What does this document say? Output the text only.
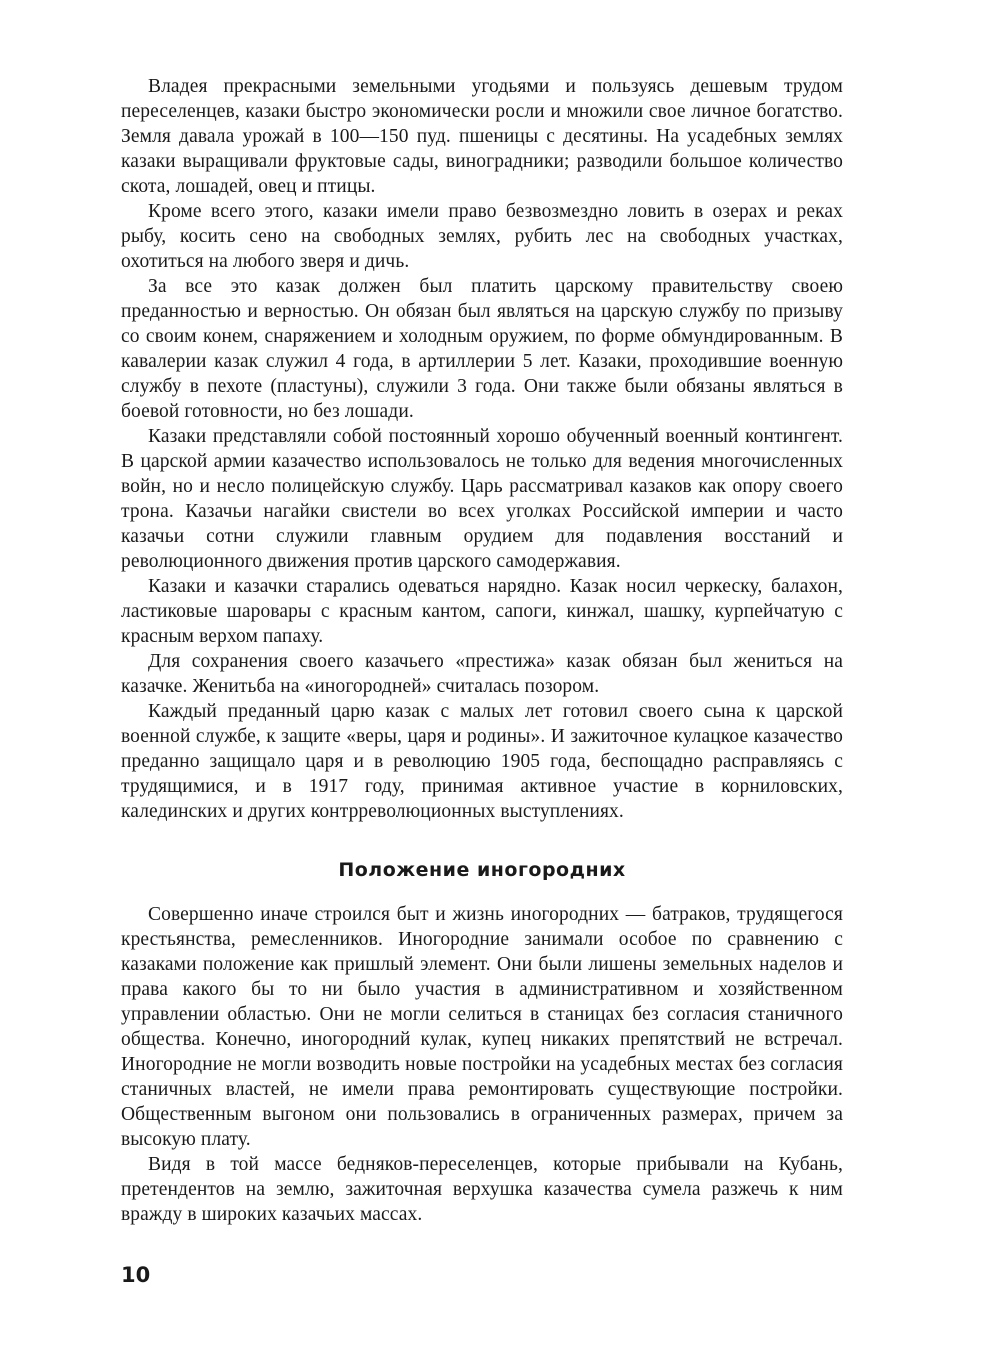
Владея прекрасными земельными угодьями и пользуясь дешевым трудом переселенцев, казаки быстро экономически росли и множили свое личное богатство. Земля давала урожай в 100—150 пуд. пшеницы с десятины. На усадебных землях казаки выращивали фруктовые сады, виноградники; разводили большое количество скота, лошадей, овец и птицы.

Кроме всего этого, казаки имели право безвозмездно ловить в озерах и реках рыбу, косить сено на свободных землях, рубить лес на свободных участках, охотиться на любого зверя и дичь.

За все это казак должен был платить царскому правительству своею преданностью и верностью. Он обязан был являться на царскую службу по призыву со своим конем, снаряжением и холодным оружием, по форме обмундированным. В кавалерии казак служил 4 года, в артиллерии 5 лет. Казаки, проходившие военную службу в пехоте (пластуны), служили 3 года. Они также были обязаны являться в боевой готовности, но без лошади.

Казаки представляли собой постоянный хорошо обученный военный контингент. В царской армии казачество использовалось не только для ведения многочисленных войн, но и несло полицейскую службу. Царь рассматривал казаков как опору своего трона. Казачьи нагайки свистели во всех уголках Российской империи и часто казачьи сотни служили главным орудием для подавления восстаний и революционного движения против царского самодержавия.

Казаки и казачки старались одеваться нарядно. Казак носил черкеску, балахон, ластиковые шаровары с красным кантом, сапоги, кинжал, шашку, курпейчатую с красным верхом папаху.

Для сохранения своего казачьего «престижа» казак обязан был жениться на казачке. Женитьба на «иногородней» считалась позором.

Каждый преданный царю казак с малых лет готовил своего сына к царской военной службе, к защите «веры, царя и родины». И зажиточное кулацкое казачество преданно защищало царя и в революцию 1905 года, беспощадно расправляясь с трудящимися, и в 1917 году, принимая активное участие в корниловских, калединских и других контрреволюционных выступлениях.

Положение иногородних

Совершенно иначе строился быт и жизнь иногородних — батраков, трудящегося крестьянства, ремесленников. Иногородние занимали особое по сравнению с казаками положение как пришлый элемент. Они были лишены земельных наделов и права какого бы то ни было участия в административном и хозяйственном управлении областью. Они не могли селиться в станицах без согласия станичного общества. Конечно, иногородний кулак, купец никаких препятствий не встречал. Иногородние не могли возводить новые постройки на усадебных местах без согласия станичных властей, не имели права ремонтировать существующие постройки. Общественным выгоном они пользовались в ограниченных размерах, причем за высокую плату.

Видя в той массе бедняков-переселенцев, которые прибывали на Кубань, претендентов на землю, зажиточная верхушка казачества сумела разжечь к ним вражду в широких казачьих массах.

10
